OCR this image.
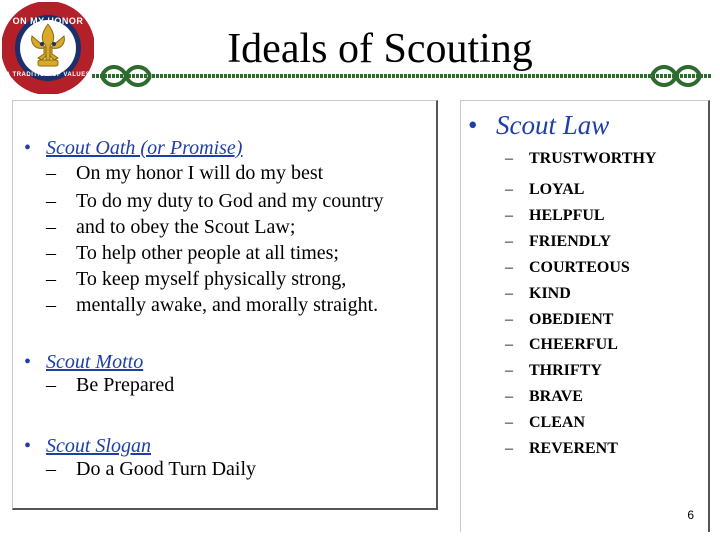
ON MY HONOR
A TRADITION OF VALUES
Ideals of Scouting
• Scout Oath (or Promise)
– On my honor I will do my best
– To do my duty to God and my country
– and to obey the Scout Law;
– To help other people at all times;
– To keep myself physically strong,
– mentally awake, and morally straight.
• Scout Motto
– Be Prepared
• Scout Slogan
– Do a Good Turn Daily
• Scout Law
– TRUSTWORTHY
– LOYAL
– HELPFUL
– FRIENDLY
– COURTEOUS
– KIND
– OBEDIENT
– CHEERFUL
– THRIFTY
– BRAVE
– CLEAN
– REVERENT
6
